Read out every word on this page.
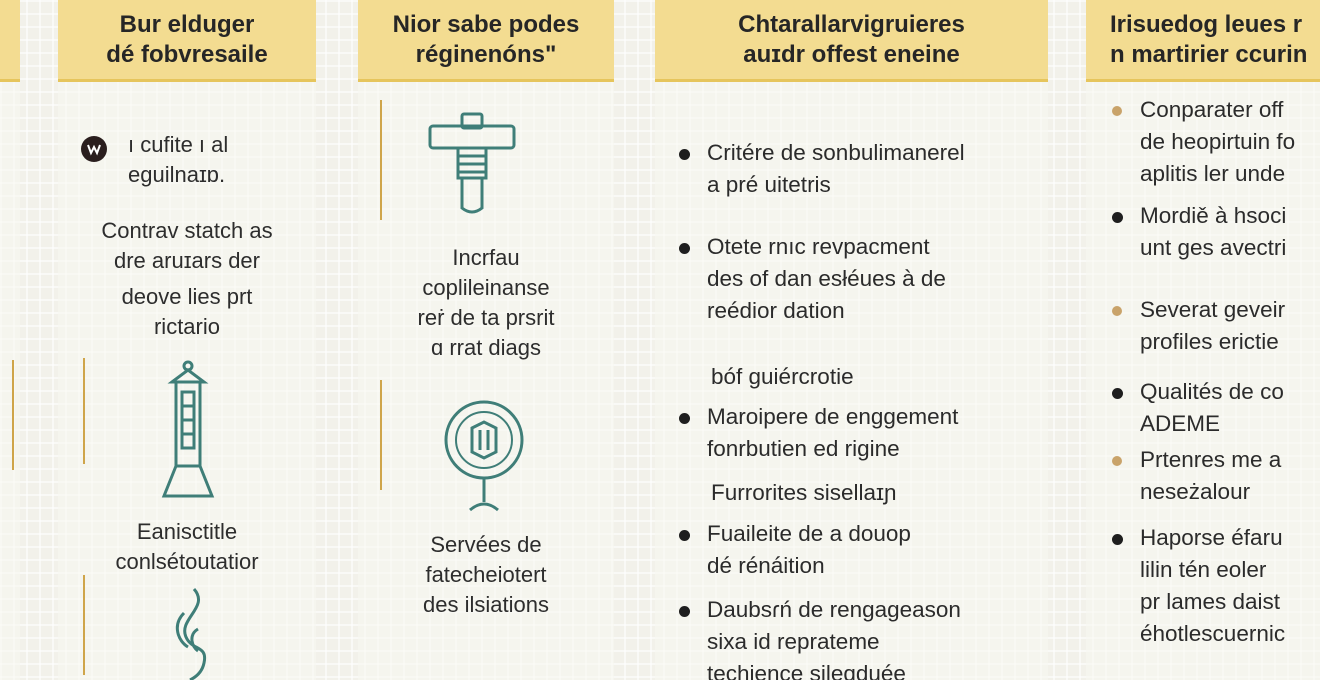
Bur elduger
dé fobvresaile
ı cufite ı al
eguilnaɪɒ.
Contrav statch as
dre aruɪars der
deove lies prt
rictario
Eanisctitle
conlsétoutatior
Nior sabe podes
réginenóns"
Incrfau
coplileinanse
reṙ de ta prsrit
ɑ rrat diags
Servées de
fatecheiotert
des ilsiations
Chtarallarvigruieres
auɪdr offest eneine
Critére de sonbulimanerel
a pré uitetris
Otete rnıc revpacment
des of dan esłéues à de
reédior dation
bóf guiércrotie
Maroipere de enggement
fonrbutien ed rigine
Furrorites sisellaɪɲ
Fuaileite de a douop
dé rénáition
Daubsɾń de rengageason
sixa id reprateme
techience sileɑduée
Irisuedog leues r
n martirier ccurin
Conparater off
de heopirtuin fo
aplitis ler unde
Mordiě à hsoci
unt ges avectri
Severat geveir
profiles erictie
Qualités de co
ADEME
Prtenres me a
neseżalour
Haporse éfaru
lilin tén eoler
pr lames daist
éhotlescuernic
